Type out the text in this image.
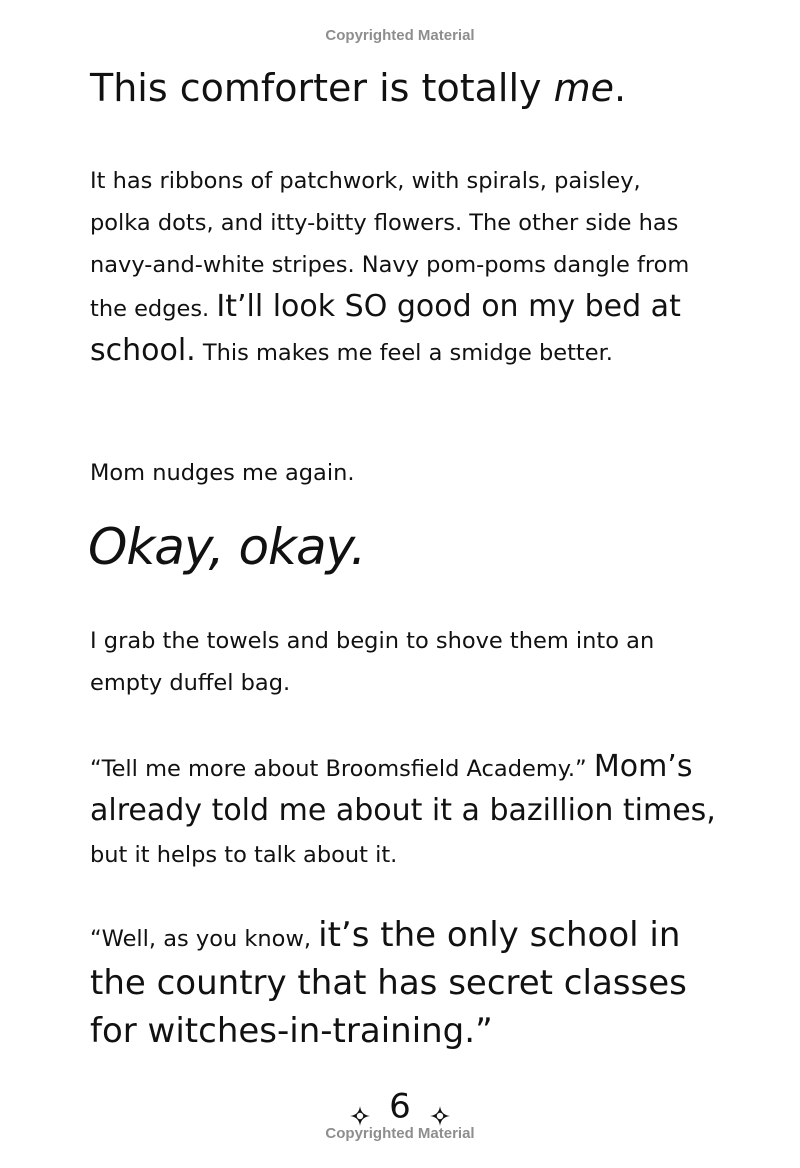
Copyrighted Material
This comforter is totally me.
It has ribbons of patchwork, with spirals, paisley, polka dots, and itty-bitty flowers. The other side has navy-and-white stripes. Navy pom-poms dangle from the edges. It’ll look SO good on my bed at school. This makes me feel a smidge better.
Mom nudges me again.
Okay, okay.
I grab the towels and begin to shove them into an empty duffel bag.
“Tell me more about Broomsfield Academy.” Mom’s already told me about it a bazillion times, but it helps to talk about it.
“Well, as you know, it’s the only school in the country that has secret classes for witches-in-training.”
6
Copyrighted Material
